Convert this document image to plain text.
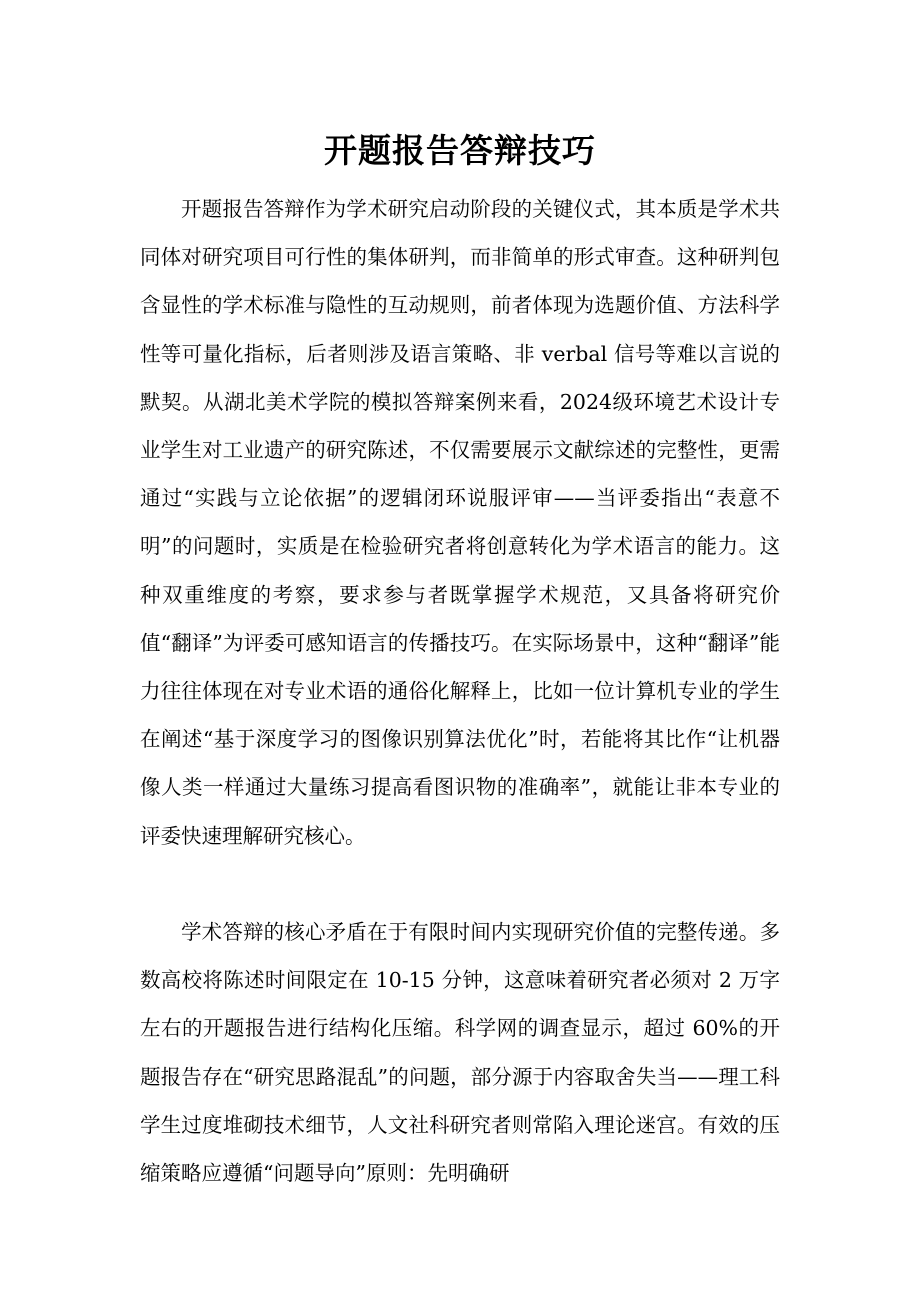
开题报告答辩技巧

开题报告答辩作为学术研究启动阶段的关键仪式，其本质是学术共同体对研究项目可行性的集体研判，而非简单的形式审查。这种研判包含显性的学术标准与隐性的互动规则，前者体现为选题价值、方法科学性等可量化指标，后者则涉及语言策略、非 verbal 信号等难以言说的默契。从湖北美术学院的模拟答辩案例来看，2024级环境艺术设计专业学生对工业遗产的研究陈述，不仅需要展示文献综述的完整性，更需通过“实践与立论依据”的逻辑闭环说服评审——当评委指出“表意不明”的问题时，实质是在检验研究者将创意转化为学术语言的能力。这种双重维度的考察，要求参与者既掌握学术规范，又具备将研究价值“翻译”为评委可感知语言的传播技巧。在实际场景中，这种“翻译”能力往往体现在对专业术语的通俗化解释上，比如一位计算机专业的学生在阐述“基于深度学习的图像识别算法优化”时，若能将其比作“让机器像人类一样通过大量练习提高看图识物的准确率”，就能让非本专业的评委快速理解研究核心。

学术答辩的核心矛盾在于有限时间内实现研究价值的完整传递。多数高校将陈述时间限定在 10-15 分钟，这意味着研究者必须对 2 万字左右的开题报告进行结构化压缩。科学网的调查显示，超过 60%的开题报告存在“研究思路混乱”的问题，部分源于内容取舍失当——理工科学生过度堆砌技术细节，人文社科研究者则常陷入理论迷宫。有效的压缩策略应遵循“问题导向”原则：先明确研
